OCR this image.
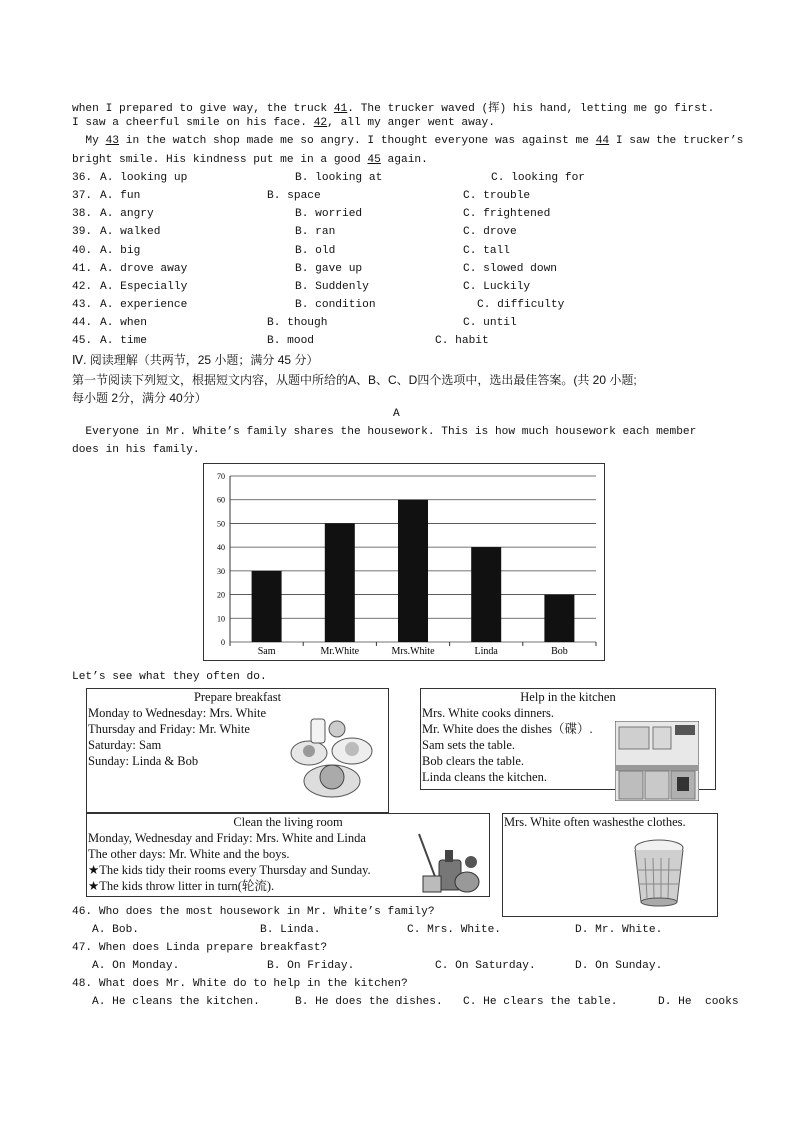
when I prepared to give way, the truck 41. The trucker waved (挥) his hand, letting me go first.
I saw a cheerful smile on his face. 42, all my anger went away.
My 43 in the watch shop made me so angry. I thought everyone was against me 44 I saw the trucker’s
bright smile. His kindness put me in a good 45 again.
36. A. looking up	B. looking at	C. looking for
37. A. fun	B. space	C. trouble
38. A. angry	B. worried	C. frightened
39. A. walked	B. ran	C. drove
40. A. big	B. old	C. tall
41. A. drove away	B. gave up	C. slowed down
42. A. Especially	B. Suddenly	C. Luckily
43. A. experience	B. condition	C. difficulty
44. A. when	B. though	C. until
45. A. time	B. mood	C. habit
Ⅳ. 阅读理解（共两节，25 小题；满分 45 分）
第一节阅读下列短文，根据短文内容，从题中所给的A、B、C、D四个选项中，选出最佳答案。(共 20 小题;
每小题 2分，满分 40分）
A
Everyone in Mr. White’s family shares the housework. This is how much housework each member
does in his family.
0
10
20
30
40
50
60
70
Sam	Mr.White	Mrs.White	Linda	Bob
Let’s see what they often do.
Prepare breakfast
Monday to Wednesday: Mrs. White
Thursday and Friday: Mr. White
Saturday: Sam
Sunday: Linda & Bob
Help in the kitchen
Mrs. White cooks dinners.
Mr. White does the dishes（碟）.
Sam sets the table.
Bob clears the table.
Linda cleans the kitchen.
Clean the living room
Monday, Wednesday and Friday: Mrs. White and Linda
The other days: Mr. White and the boys.
★The kids tidy their rooms every Thursday and Sunday.
★The kids throw litter in turn(轮流).
Mrs. White often washesthe clothes.
46. Who does the most housework in Mr. White’s family?
A. Bob.	B. Linda.	C. Mrs. White.	D. Mr. White.
47. When does Linda prepare breakfast?
A. On Monday.	B. On Friday.	C. On Saturday.	D. On Sunday.
48. What does Mr. White do to help in the kitchen?
A. He cleans the kitchen.	B. He does the dishes. C. He clears the table.	D. He  cooks
